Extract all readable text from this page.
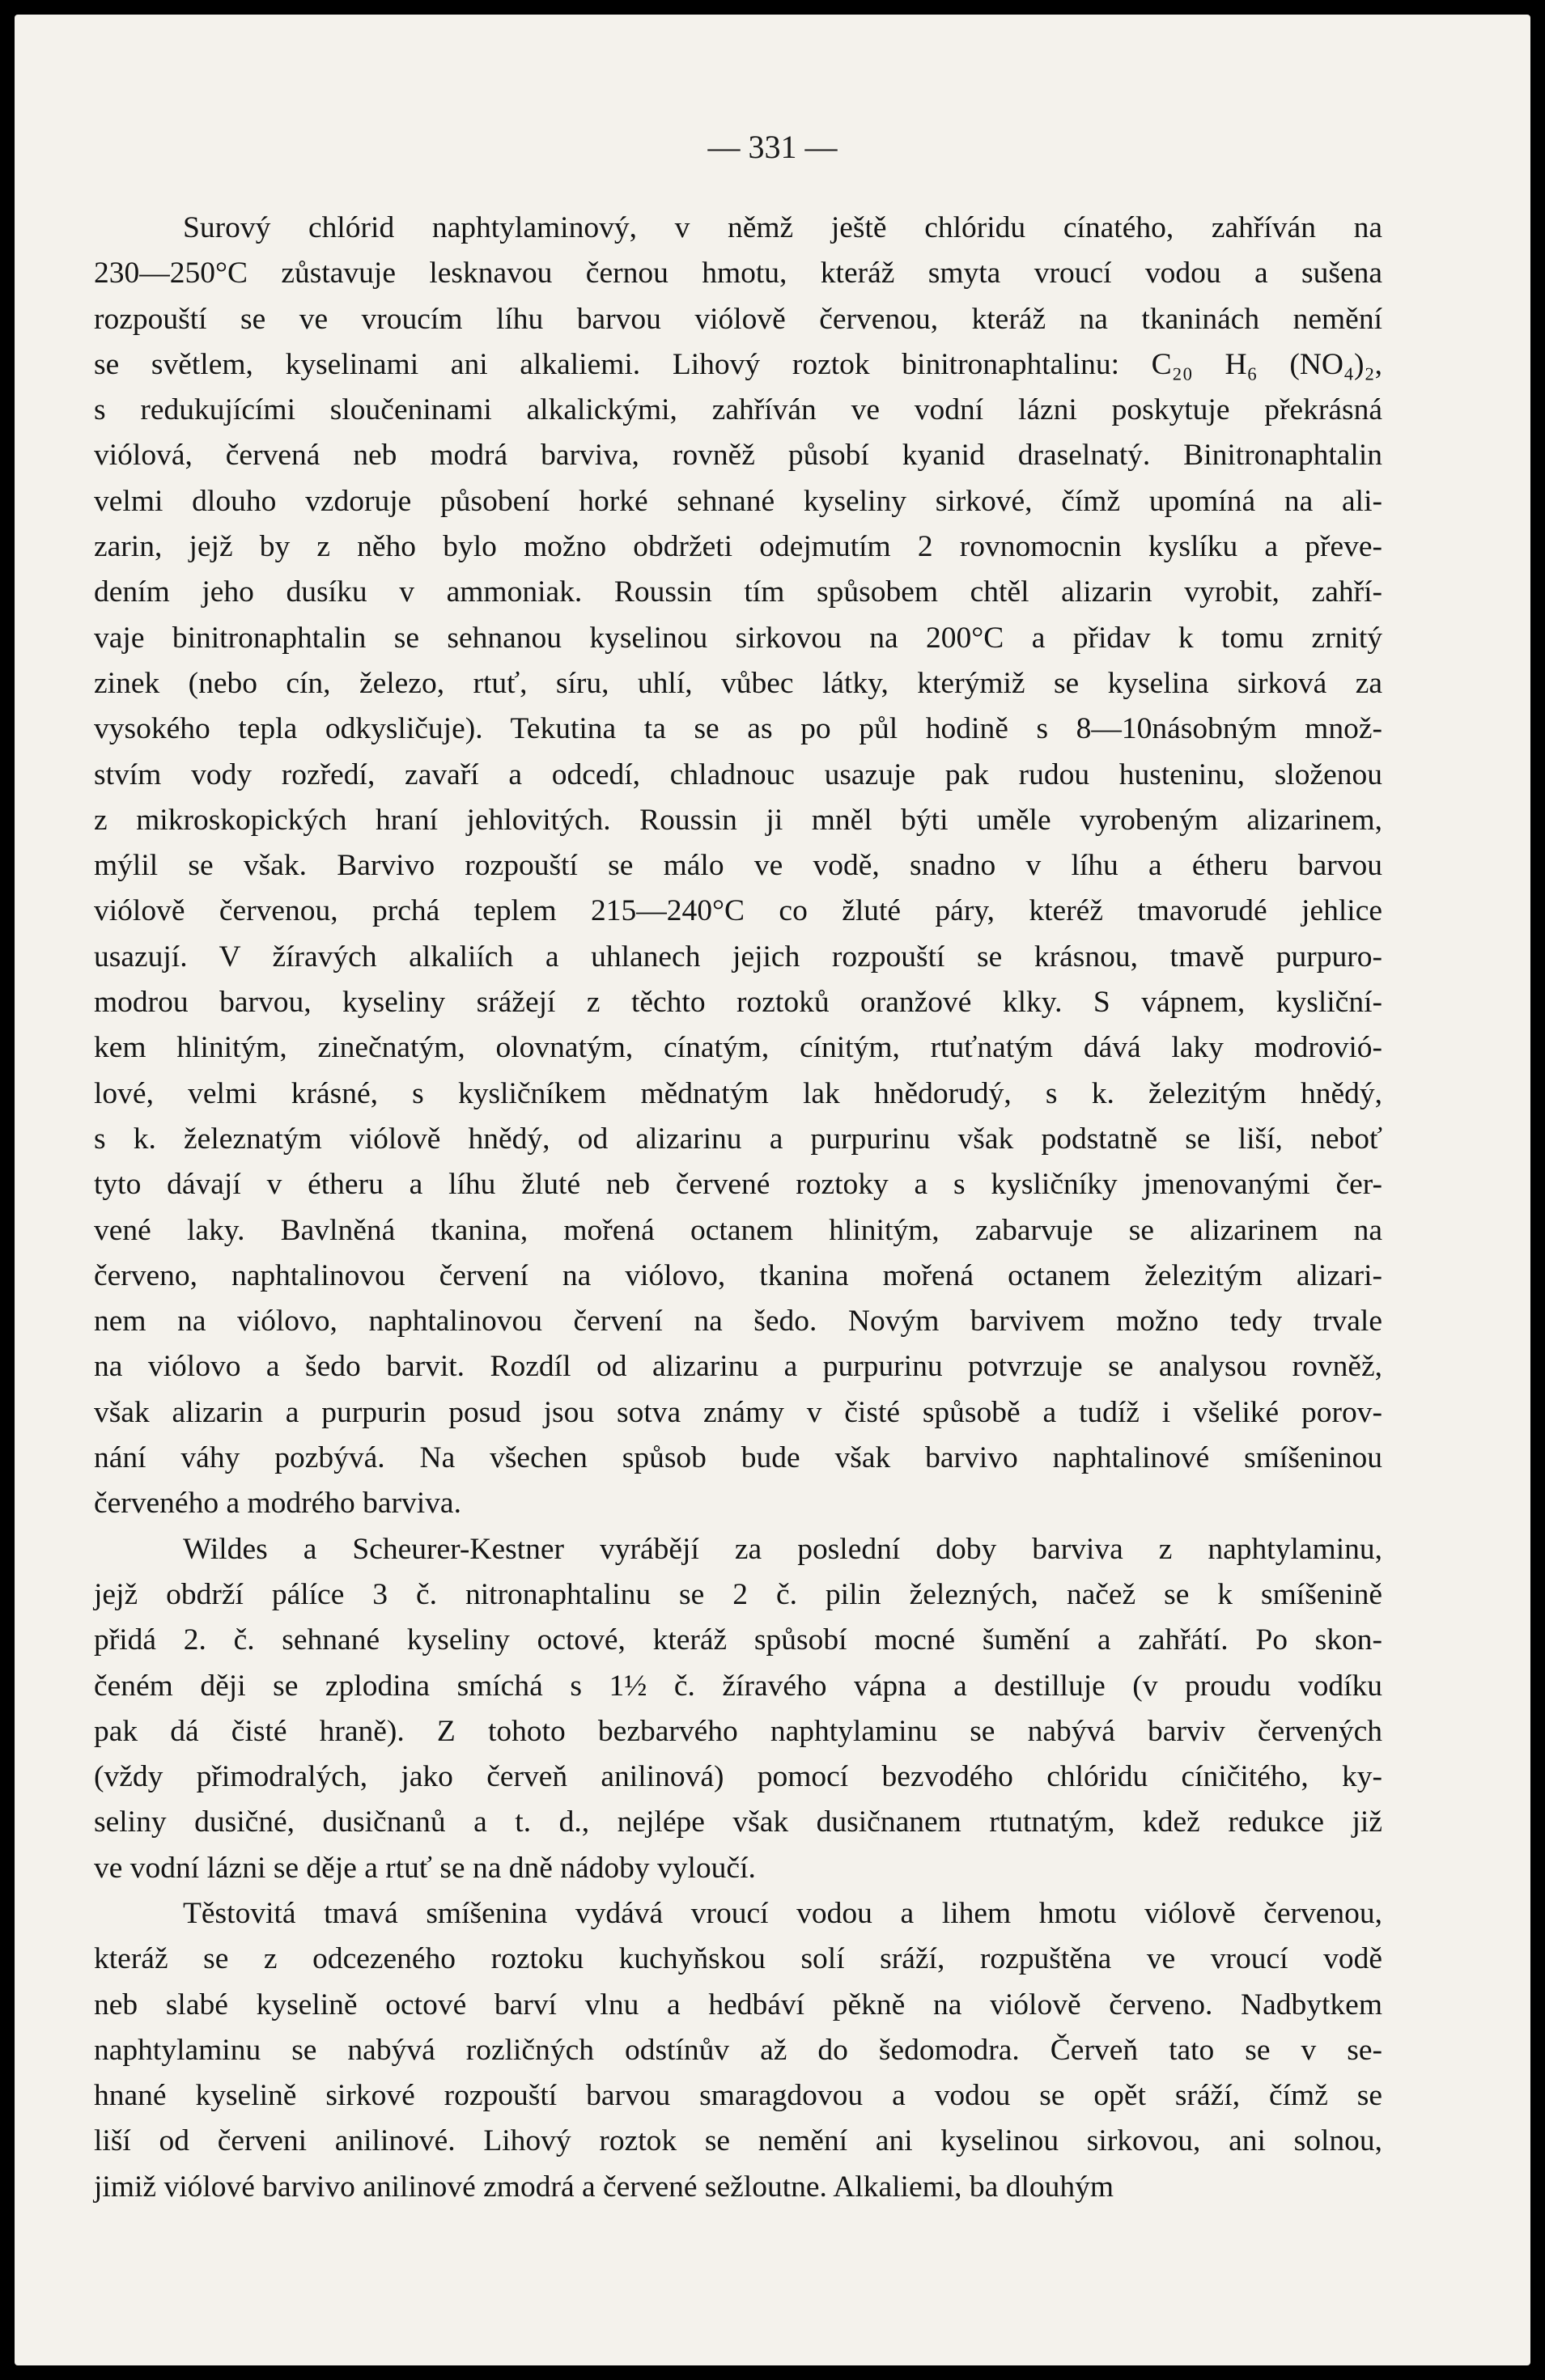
— 331 —
Surový chlórid naphtylaminový, v němž ještě chlóridu cínatého, zahříván na
230—250°C zůstavuje lesknavou černou hmotu, kteráž smyta vroucí vodou a sušena
rozpouští se ve vroucím líhu barvou viólově červenou, kteráž na tkaninách nemění
se světlem, kyselinami ani alkaliemi. Lihový roztok binitronaphtalinu: C₂₀ H₆ (NO₄)₂,
s redukujícími sloučeninami alkalickými, zahříván ve vodní lázni poskytuje překrásná
viólová, červená neb modrá barviva, rovněž působí kyanid draselnatý. Binitronaphtalin
velmi dlouho vzdoruje působení horké sehnané kyseliny sirkové, čímž upomíná na ali-
zarin, jejž by z něho bylo možno obdržeti odejmutím 2 rovnomocnin kyslíku a převe-
dením jeho dusíku v ammoniak. Roussin tím spůsobem chtěl alizarin vyrobit, zahří-
vaje binitronaphtalin se sehnanou kyselinou sirkovou na 200°C a přidav k tomu zrnitý
zinek (nebo cín, železo, rtuť, síru, uhlí, vůbec látky, kterýmiž se kyselina sirková za
vysokého tepla odkysličuje). Tekutina ta se as po půl hodině s 8—10násobným množ-
stvím vody rozředí, zavaří a odcedí, chladnouc usazuje pak rudou husteninu, složenou
z mikroskopických hraní jehlovitých. Roussin ji mněl býti uměle vyrobeným alizarinem,
mýlil se však. Barvivo rozpouští se málo ve vodě, snadno v líhu a étheru barvou
viólově červenou, prchá teplem 215—240°C co žluté páry, kteréž tmavorudé jehlice
usazují. V žíravých alkaliích a uhlanech jejich rozpouští se krásnou, tmavě purpuro-
modrou barvou, kyseliny srážejí z těchto roztoků oranžové klky. S vápnem, kysliční-
kem hlinitým, zinečnatým, olovnatým, cínatým, cínitým, rtuťnatým dává laky modrovió-
lové, velmi krásné, s kysličníkem mědnatým lak hnědorudý, s k. železitým hnědý,
s k. železnatým viólově hnědý, od alizarinu a purpurinu však podstatně se liší, neboť
tyto dávají v étheru a líhu žluté neb červené roztoky a s kysličníky jmenovanými čer-
vené laky. Bavlněná tkanina, mořená octanem hlinitým, zabarvuje se alizarinem na
červeno, naphtalinovou červení na viólovo, tkanina mořená octanem železitým alizari-
nem na viólovo, naphtalinovou červení na šedo. Novým barvivem možno tedy trvale
na viólovo a šedo barvit. Rozdíl od alizarinu a purpurinu potvrzuje se analysou rovněž,
však alizarin a purpurin posud jsou sotva známy v čisté spůsobě a tudíž i všeliké porov-
nání váhy pozbývá. Na všechen spůsob bude však barvivo naphtalinové smíšeninou
červeného a modrého barviva.
Wildes a Scheurer-Kestner vyrábějí za poslední doby barviva z naphtylaminu,
jejž obdrží pálíce 3 č. nitronaphtalinu se 2 č. pilin železných, načež se k smíšenině
přidá 2. č. sehnané kyseliny octové, kteráž spůsobí mocné šumění a zahřátí. Po skon-
čeném ději se zplodina smíchá s 1½ č. žíravého vápna a destilluje (v proudu vodíku
pak dá čisté hraně). Z tohoto bezbarvého naphtylaminu se nabývá barviv červených
(vždy přimodralých, jako červeň anilinová) pomocí bezvodého chlóridu cíničitého, ky-
seliny dusičné, dusičnanů a t. d., nejlépe však dusičnanem rtutnatým, kdež redukce již
ve vodní lázni se děje a rtuť se na dně nádoby vyloučí.
Těstovitá tmavá smíšenina vydává vroucí vodou a lihem hmotu viólově červenou,
kteráž se z odcezeného roztoku kuchyňskou solí sráží, rozpuštěna ve vroucí vodě
neb slabé kyselině octové barví vlnu a hedbáví pěkně na viólově červeno. Nadbytkem
naphtylaminu se nabývá rozličných odstínův až do šedomodra. Červeň tato se v se-
hnané kyselině sirkové rozpouští barvou smaragdovou a vodou se opět sráží, čímž se
liší od červeni anilinové. Lihový roztok se nemění ani kyselinou sirkovou, ani solnou,
jimiž viólové barvivo anilinové zmodrá a červené sežloutne. Alkaliemi, ba dlouhým
